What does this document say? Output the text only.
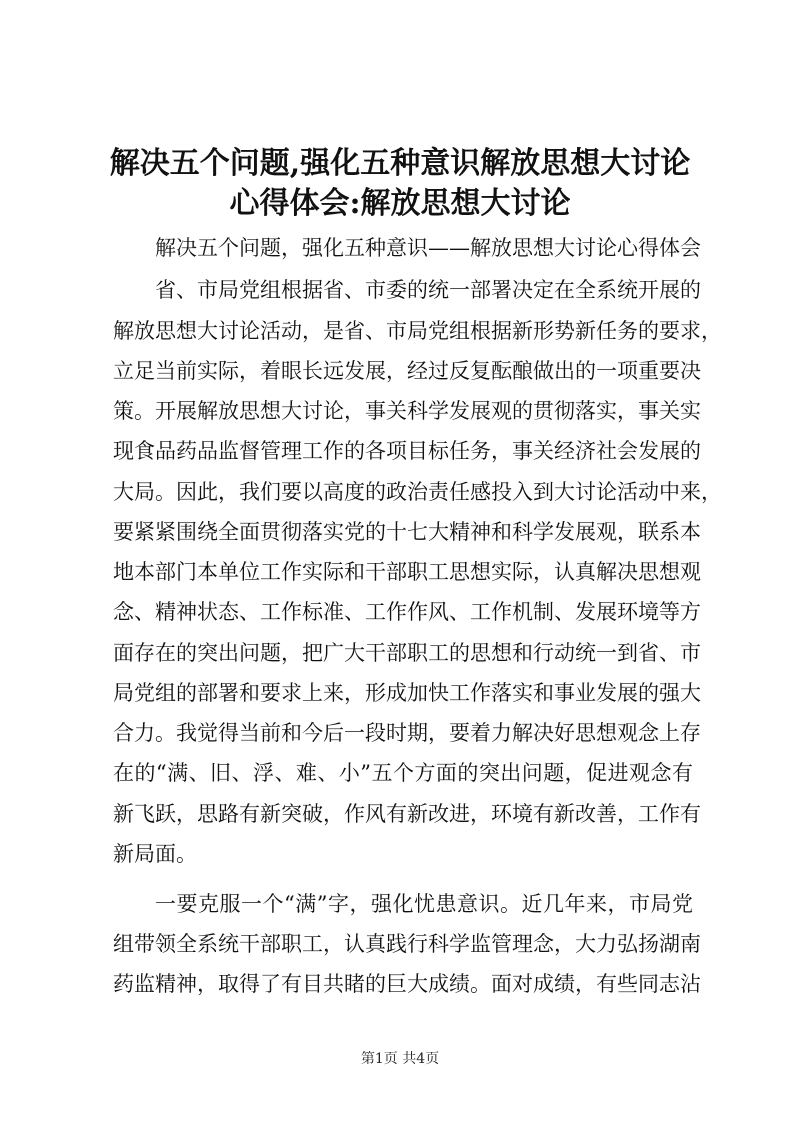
解决五个问题,强化五种意识解放思想大讨论
心得体会:解放思想大讨论
解决五个问题，强化五种意识——解放思想大讨论心得体会
省、市局党组根据省、市委的统一部署决定在全系统开展的
解放思想大讨论活动，是省、市局党组根据新形势新任务的要求，
立足当前实际，着眼长远发展，经过反复酝酿做出的一项重要决
策。开展解放思想大讨论，事关科学发展观的贯彻落实，事关实
现食品药品监督管理工作的各项目标任务，事关经济社会发展的
大局。因此，我们要以高度的政治责任感投入到大讨论活动中来，
要紧紧围绕全面贯彻落实党的十七大精神和科学发展观，联系本
地本部门本单位工作实际和干部职工思想实际，认真解决思想观
念、精神状态、工作标准、工作作风、工作机制、发展环境等方
面存在的突出问题，把广大干部职工的思想和行动统一到省、市
局党组的部署和要求上来，形成加快工作落实和事业发展的强大
合力。我觉得当前和今后一段时期，要着力解决好思想观念上存
在的“满、旧、浮、难、小”五个方面的突出问题，促进观念有
新飞跃，思路有新突破，作风有新改进，环境有新改善，工作有
新局面。
一要克服一个“满”字，强化忧患意识。近几年来，市局党
组带领全系统干部职工，认真践行科学监管理念，大力弘扬湖南
药监精神，取得了有目共睹的巨大成绩。面对成绩，有些同志沾
第1页 共4页
